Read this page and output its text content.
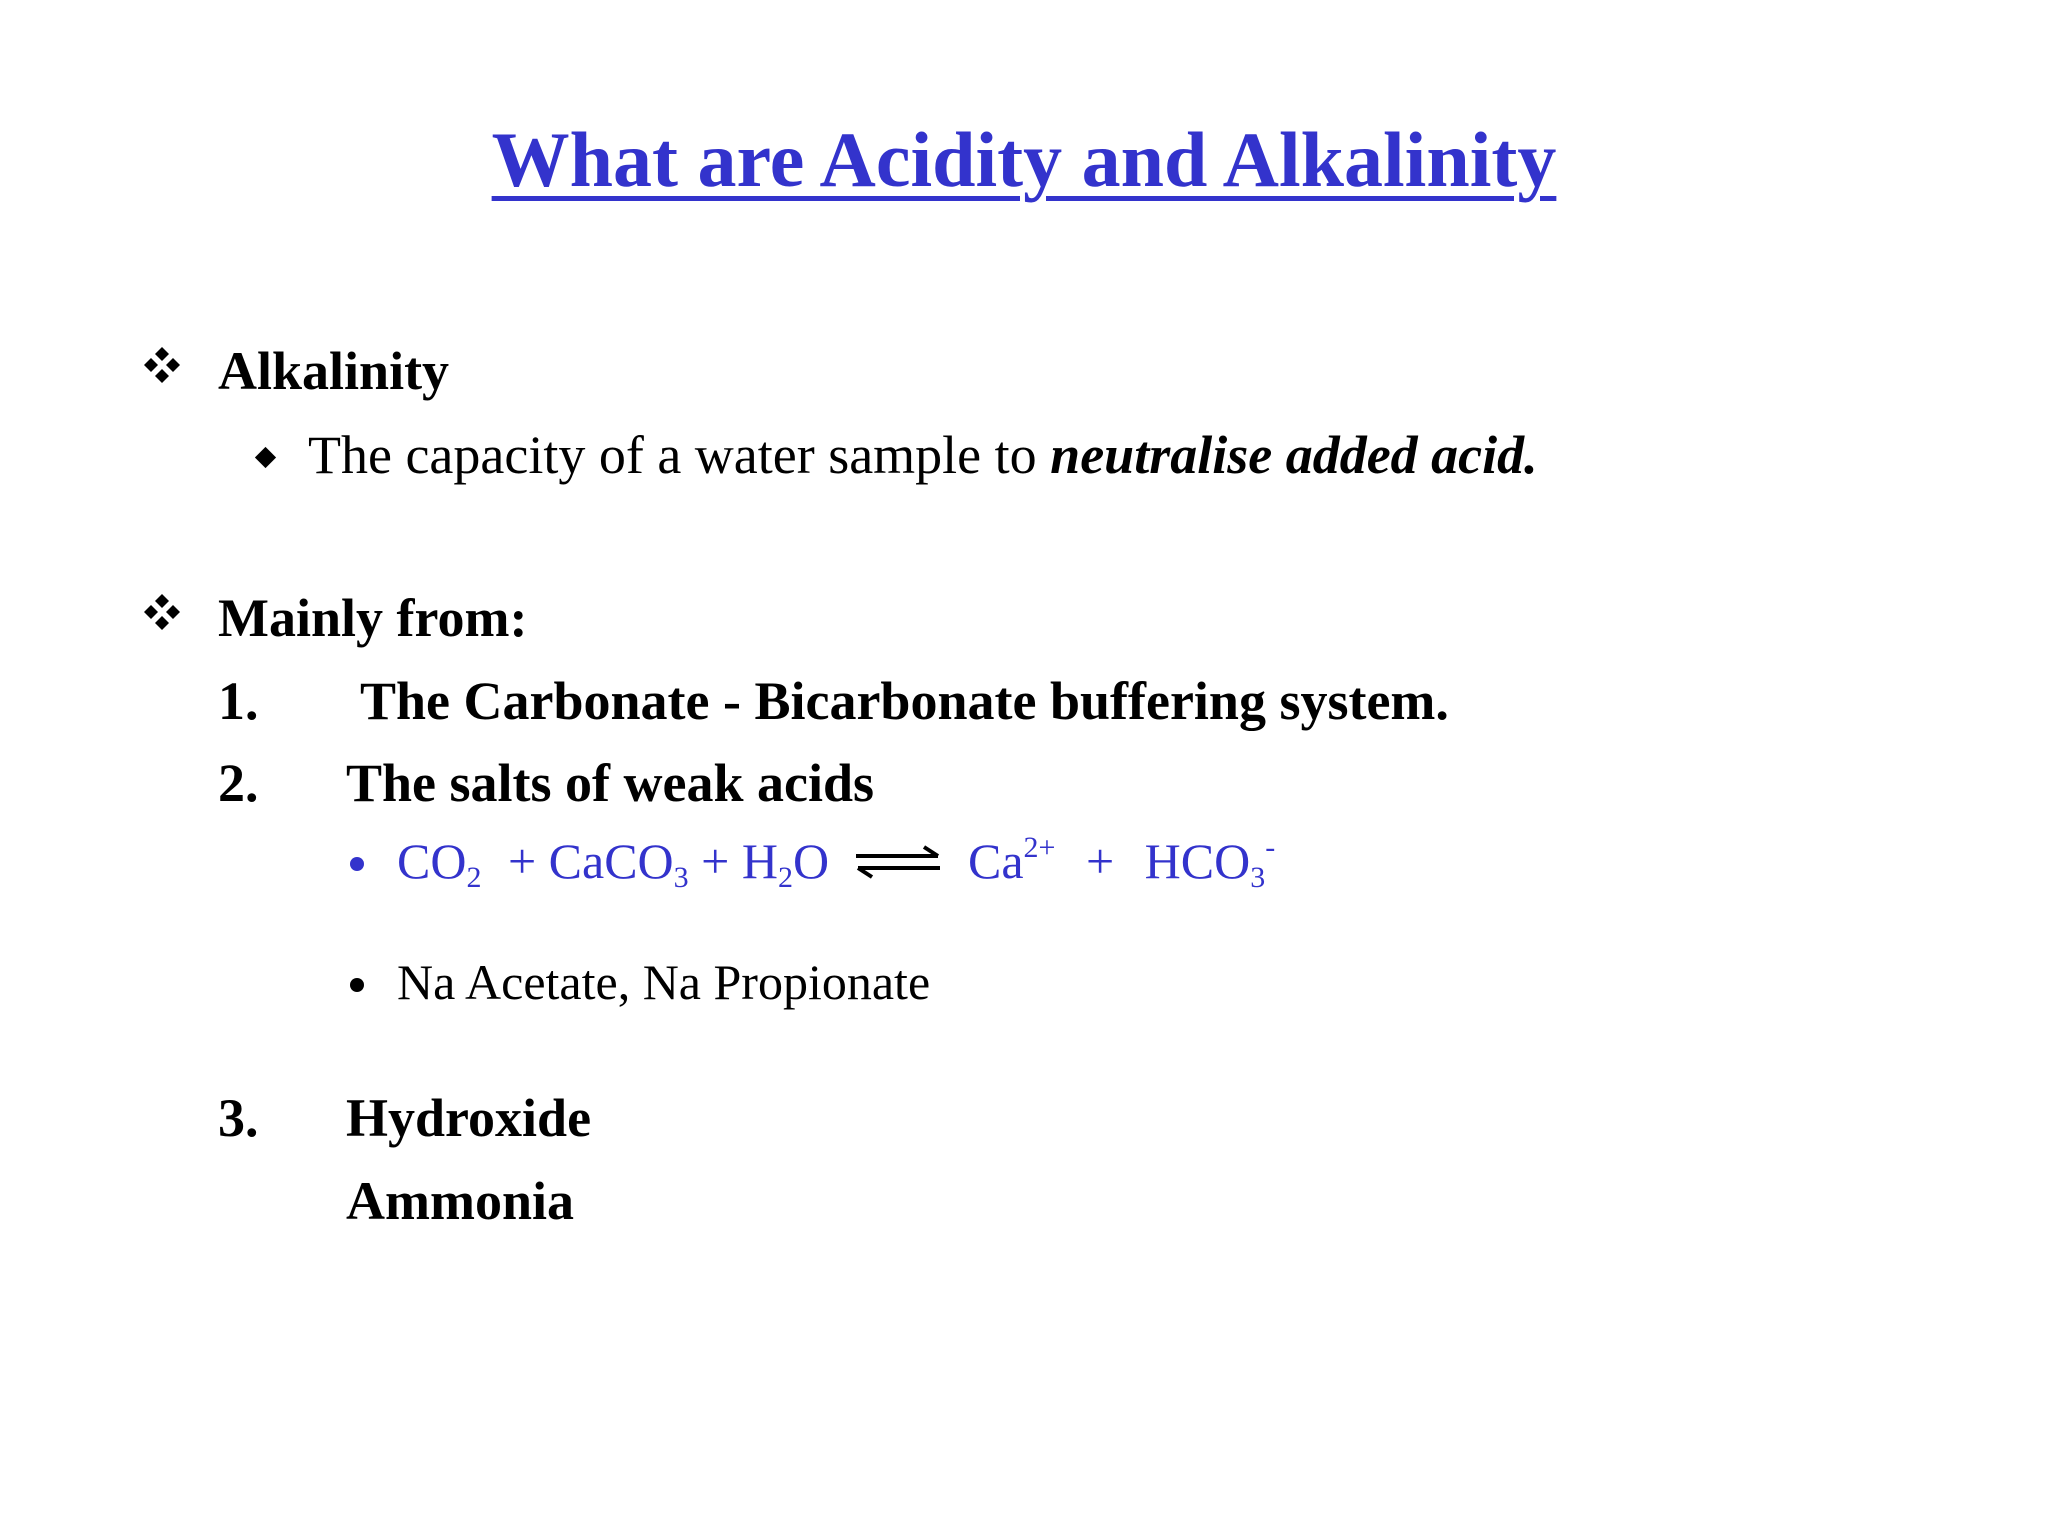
What are Acidity and Alkalinity
Alkalinity
The capacity of a water sample to neutralise added acid.
Mainly from:
1. The Carbonate - Bicarbonate buffering system.
2. The salts of weak acids
$CO_2$ + CaCO$_3$ + $H_2O$	$Ca^{2+} + HCO_3^-$
Na Acetate, Na Propionate
3. Hydroxide
Ammonia
